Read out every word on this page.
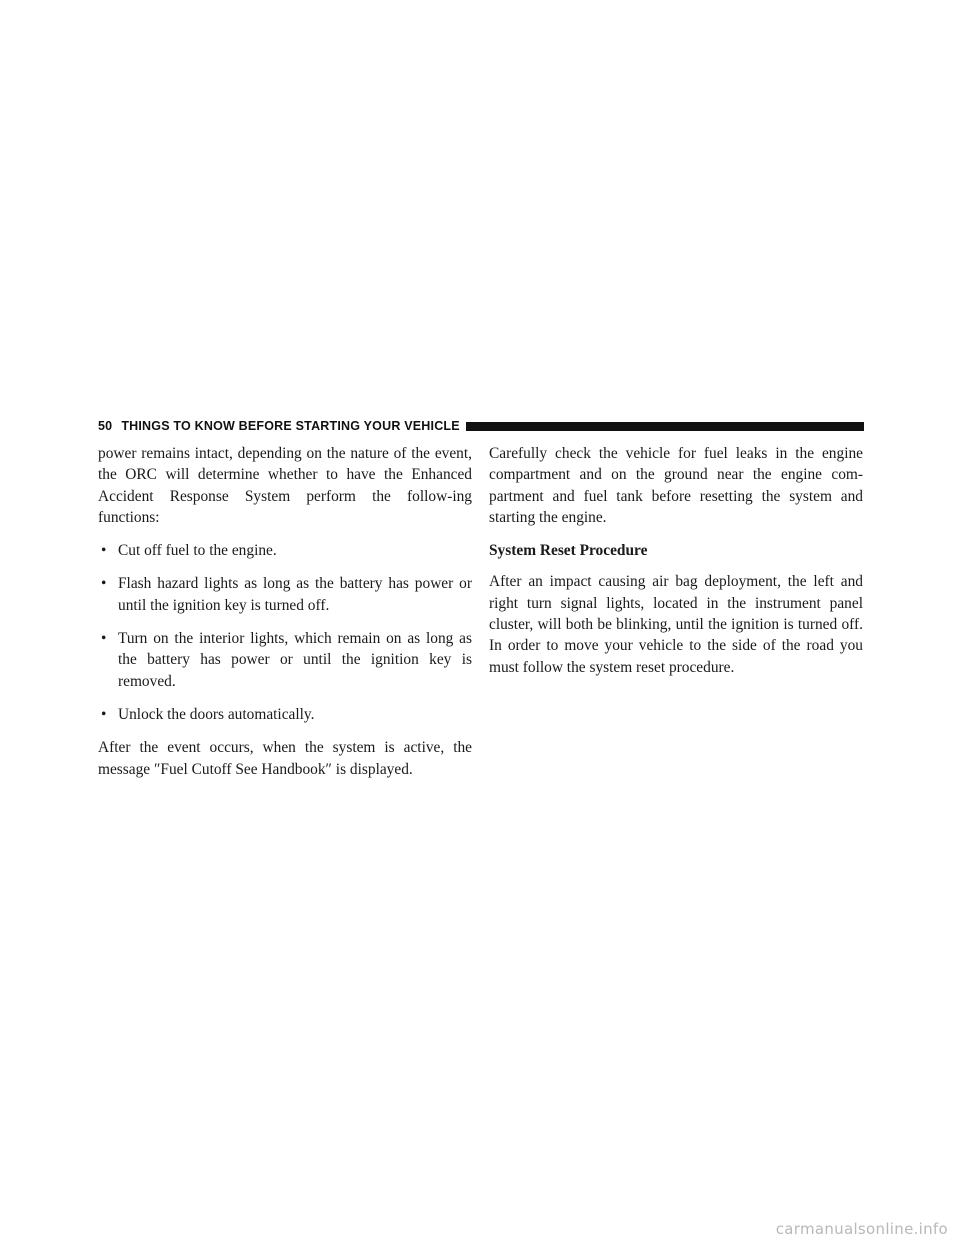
50 THINGS TO KNOW BEFORE STARTING YOUR VEHICLE

power remains intact, depending on the nature of the event, the ORC will determine whether to have the Enhanced Accident Response System perform the follow-ing functions:

• Cut off fuel to the engine.
• Flash hazard lights as long as the battery has power or until the ignition key is turned off.
• Turn on the interior lights, which remain on as long as the battery has power or until the ignition key is removed.
• Unlock the doors automatically.

After the event occurs, when the system is active, the message ″Fuel Cutoff See Handbook″ is displayed.

Carefully check the vehicle for fuel leaks in the engine compartment and on the ground near the engine com-partment and fuel tank before resetting the system and starting the engine.

System Reset Procedure

After an impact causing air bag deployment, the left and right turn signal lights, located in the instrument panel cluster, will both be blinking, until the ignition is turned off. In order to move your vehicle to the side of the road you must follow the system reset procedure.

carmanualsonline.info
